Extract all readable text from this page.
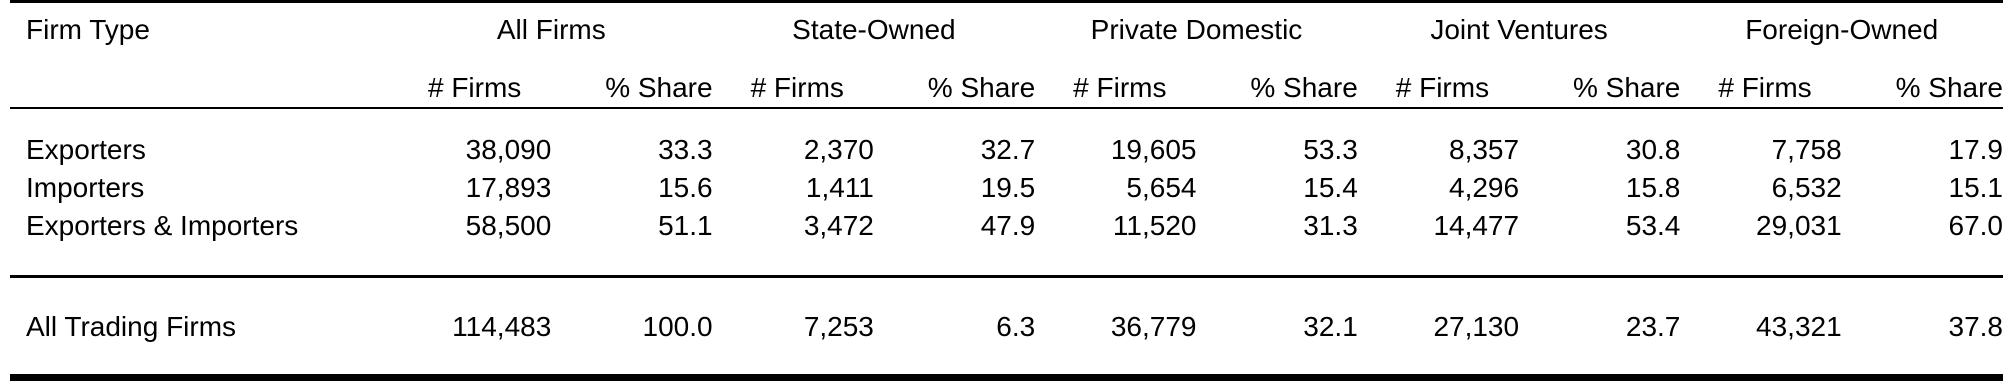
Firm Type	All Firms		State-Owned		Private Domestic		Joint Ventures		Foreign-Owned	
	# Firms	% Share	# Firms	% Share	# Firms	% Share	# Firms	% Share	# Firms	% Share

Exporters	38,090	33.3	2,370	32.7	19,605	53.3	8,357	30.8	7,758	17.9
Importers	17,893	15.6	1,411	19.5	5,654	15.4	4,296	15.8	6,532	15.1
Exporters & Importers	58,500	51.1	3,472	47.9	11,520	31.3	14,477	53.4	29,031	67.0

All Trading Firms	114,483	100.0	7,253	6.3	36,779	32.1	27,130	23.7	43,321	37.8
